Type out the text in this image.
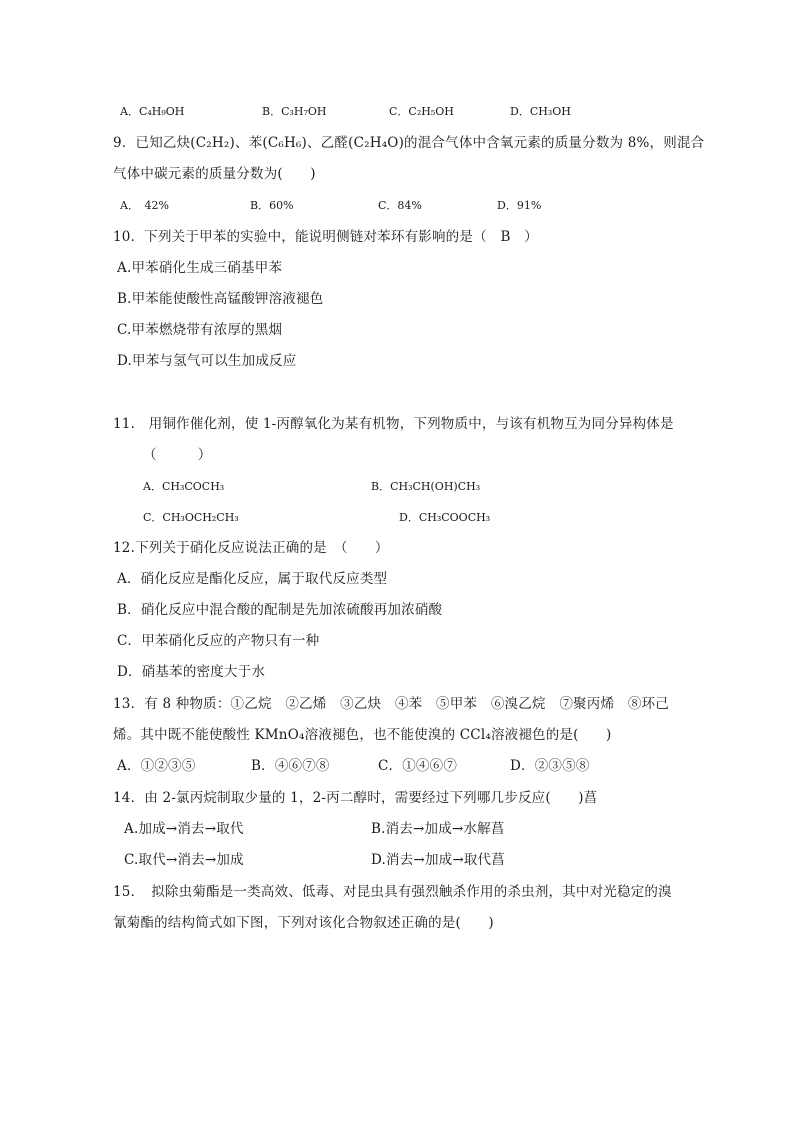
A．C₄H₉OH	B．C₃H₇OH	C．C₂H₅OH	D．CH₃OH
9．已知乙炔(C₂H₂)、苯(C₆H₆)、乙醛(C₂H₄O)的混合气体中含氧元素的质量分数为 8%，则混合
气体中碳元素的质量分数为(　　)
A．　42%	B．60%	C．84%	D．91%
10．下列关于甲苯的实验中，能说明侧链对苯环有影响的是（　B　）
A.甲苯硝化生成三硝基甲苯
B.甲苯能使酸性高锰酸钾溶液褪色
C.甲苯燃烧带有浓厚的黑烟
D.甲苯与氢气可以生加成反应
11.　用铜作催化剂，使 1-丙醇氧化为某有机物，下列物质中，与该有机物互为同分异构体是
（　　　）
A．CH₃COCH₃	B．CH₃CH(OH)CH₃
C．CH₃OCH₂CH₃	D．CH₃COOCH₃
12.下列关于硝化反应说法正确的是　（　　）
A．硝化反应是酯化反应，属于取代反应类型
B．硝化反应中混合酸的配制是先加浓硫酸再加浓硝酸
C．甲苯硝化反应的产物只有一种
D．硝基苯的密度大于水
13．有 8 种物质：①乙烷　②乙烯　③乙炔　④苯　⑤甲苯　⑥溴乙烷　⑦聚丙烯　⑧环己
烯。其中既不能使酸性 KMnO₄溶液褪色，也不能使溴的 CCl₄溶液褪色的是(　　)
A．①②③⑤	B．④⑥⑦⑧	C．①④⑥⑦	D．②③⑤⑧
14．由 2-氯丙烷制取少量的 1，2-丙二醇时，需要经过下列哪几步反应(　　)菖
A.加成→消去→取代	B.消去→加成→水解菖
C.取代→消去→加成	D.消去→加成→取代菖
15．　拟除虫菊酯是一类高效、低毒、对昆虫具有强烈触杀作用的杀虫剂，其中对光稳定的溴
氰菊酯的结构简式如下图，下列对该化合物叙述正确的是(　　)
